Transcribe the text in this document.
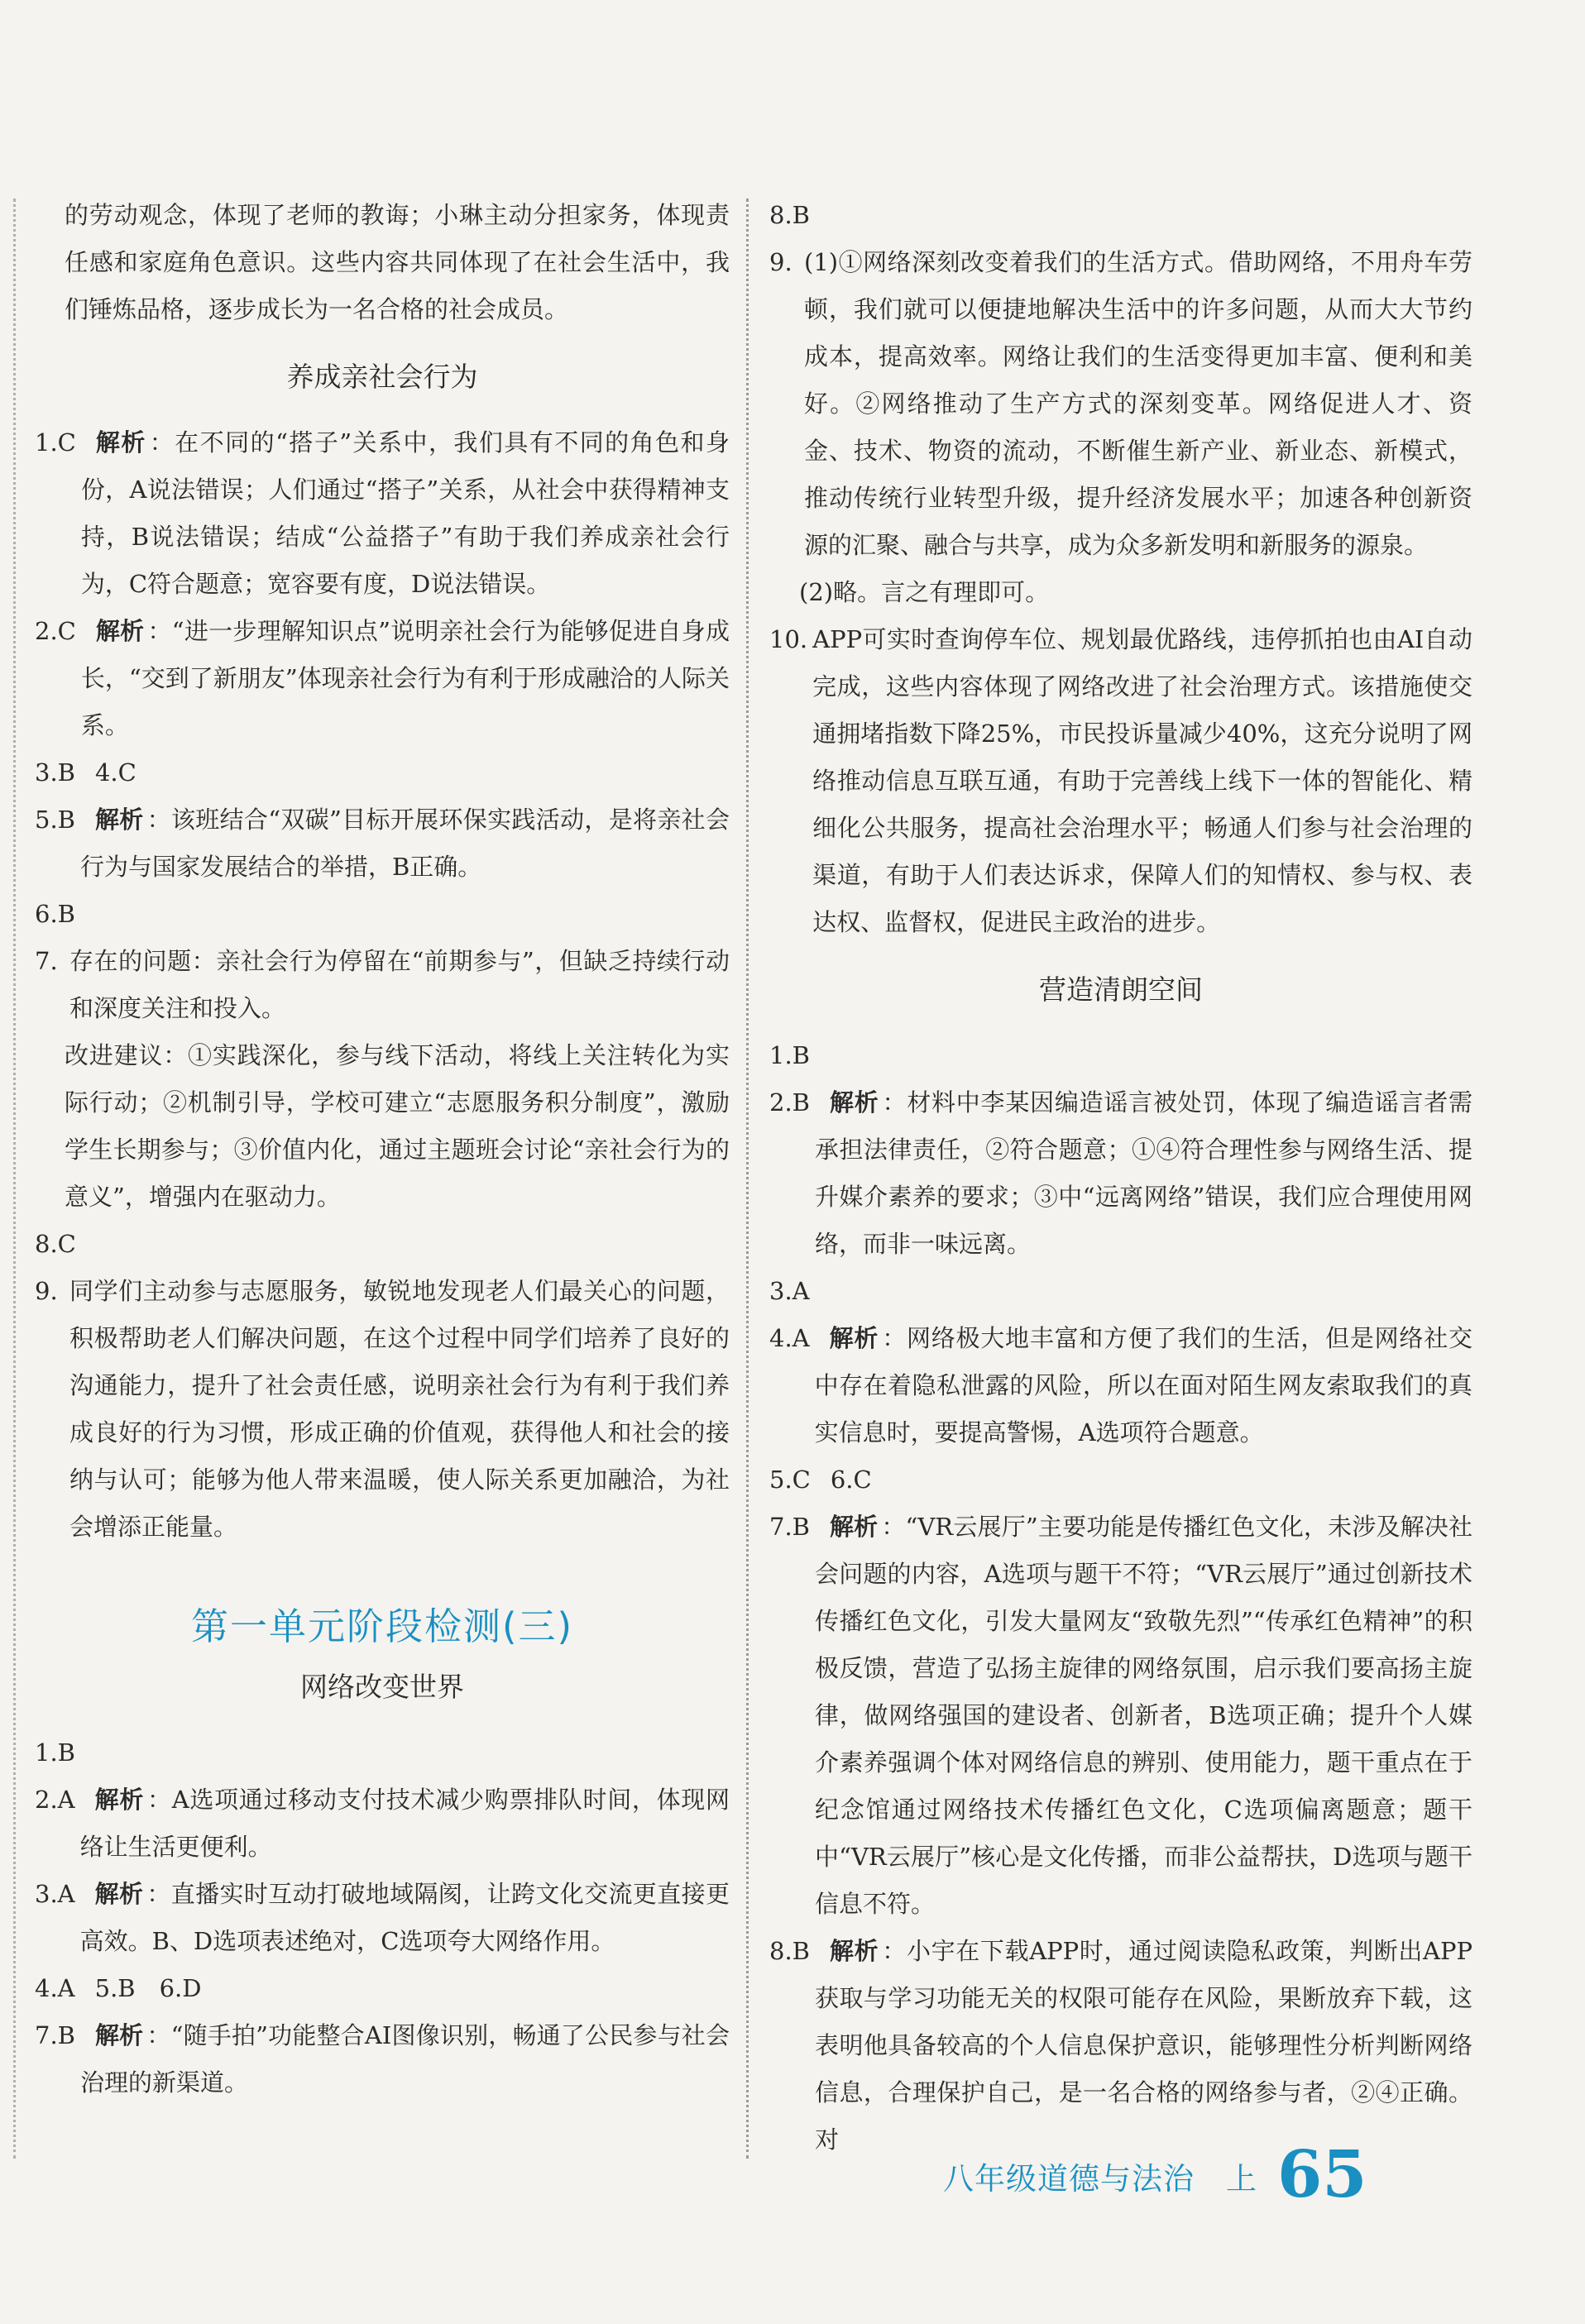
的劳动观念，体现了老师的教诲；小琳主动分担家务，体现责任感和家庭角色意识。这些内容共同体现了在社会生活中，我们锤炼品格，逐步成长为一名合格的社会成员。
养成亲社会行为
1.C 解析 ：在不同的“搭子”关系中，我们具有不同的角色和身份，A说法错误；人们通过“搭子”关系，从社会中获得精神支持，B说法错误；结成“公益搭子”有助于我们养成亲社会行为，C符合题意；宽容要有度，D说法错误。
2.C 解析 ：“进一步理解知识点”说明亲社会行为能够促进自身成长，“交到了新朋友”体现亲社会行为有利于形成融洽的人际关系。
3.B 4.C
5.B 解析 ：该班结合“双碳”目标开展环保实践活动，是将亲社会行为与国家发展结合的举措，B正确。
6.B
7. 存在的问题：亲社会行为停留在“前期参与”，但缺乏持续行动和深度关注和投入。
改进建议：①实践深化，参与线下活动，将线上关注转化为实际行动；②机制引导，学校可建立“志愿服务积分制度”，激励学生长期参与；③价值内化，通过主题班会讨论“亲社会行为的意义”，增强内在驱动力。
8.C
9. 同学们主动参与志愿服务，敏锐地发现老人们最关心的问题，积极帮助老人们解决问题，在这个过程中同学们培养了良好的沟通能力，提升了社会责任感，说明亲社会行为有利于我们养成良好的行为习惯，形成正确的价值观，获得他人和社会的接纳与认可；能够为他人带来温暖，使人际关系更加融洽，为社会增添正能量。
第一单元阶段检测(三)
网络改变世界
1.B
2.A 解析 ：A选项通过移动支付技术减少购票排队时间，体现网络让生活更便利。
3.A 解析 ：直播实时互动打破地域隔阂，让跨文化交流更直接更高效。B、D选项表述绝对，C选项夸大网络作用。
4.A 5.B　6.D
7.B 解析 ：“随手拍”功能整合AI图像识别，畅通了公民参与社会治理的新渠道。
8.B
9. (1)①网络深刻改变着我们的生活方式。借助网络，不用舟车劳顿，我们就可以便捷地解决生活中的许多问题，从而大大节约成本，提高效率。网络让我们的生活变得更加丰富、便利和美好。②网络推动了生产方式的深刻变革。网络促进人才、资金、技术、物资的流动，不断催生新产业、新业态、新模式，推动传统行业转型升级，提升经济发展水平；加速各种创新资源的汇聚、融合与共享，成为众多新发明和新服务的源泉。
(2)略。言之有理即可。
10. APP可实时查询停车位、规划最优路线，违停抓拍也由AI自动完成，这些内容体现了网络改进了社会治理方式。该措施使交通拥堵指数下降25%，市民投诉量减少40%，这充分说明了网络推动信息互联互通，有助于完善线上线下一体的智能化、精细化公共服务，提高社会治理水平；畅通人们参与社会治理的渠道，有助于人们表达诉求，保障人们的知情权、参与权、表达权、监督权，促进民主政治的进步。
营造清朗空间
1.B
2.B 解析 ：材料中李某因编造谣言被处罚，体现了编造谣言者需承担法律责任，②符合题意；①④符合理性参与网络生活、提升媒介素养的要求；③中“远离网络”错误，我们应合理使用网络，而非一味远离。
3.A
4.A 解析 ：网络极大地丰富和方便了我们的生活，但是网络社交中存在着隐私泄露的风险，所以在面对陌生网友索取我们的真实信息时，要提高警惕，A选项符合题意。
5.C 6.C
7.B 解析 ：“VR云展厅”主要功能是传播红色文化，未涉及解决社会问题的内容，A选项与题干不符；“VR云展厅”通过创新技术传播红色文化，引发大量网友“致敬先烈”“传承红色精神”的积极反馈，营造了弘扬主旋律的网络氛围，启示我们要高扬主旋律，做网络强国的建设者、创新者，B选项正确；提升个人媒介素养强调个体对网络信息的辨别、使用能力，题干重点在于纪念馆通过网络技术传播红色文化，C选项偏离题意；题干中“VR云展厅”核心是文化传播，而非公益帮扶，D选项与题干信息不符。
8.B 解析 ：小宇在下载APP时，通过阅读隐私政策，判断出APP获取与学习功能无关的权限可能存在风险，果断放弃下载，这表明他具备较高的个人信息保护意识，能够理性分析判断网络信息，合理保护自己，是一名合格的网络参与者，②④正确。对
八年级道德与法治　上 65
